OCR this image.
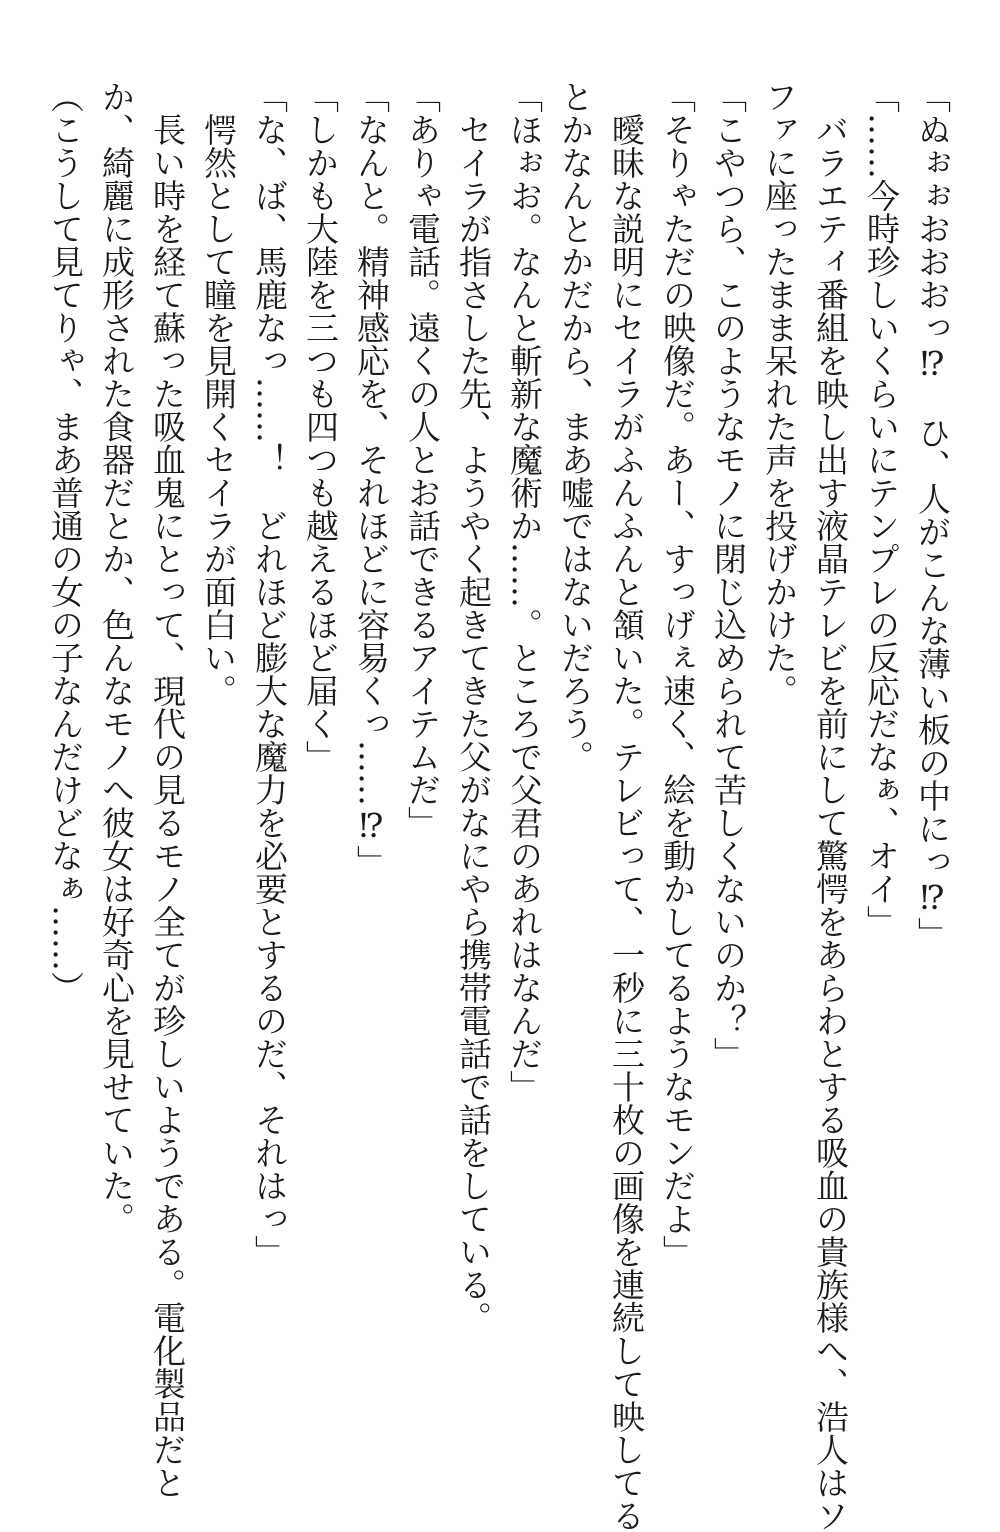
「ぬぉぉおおおっ⁉　ひ、人がこんな薄い板の中にっ⁉」

「……今時珍しいくらいにテンプレの反応だなぁ、オイ」

　バラエティ番組を映し出す液晶テレビを前にして驚愕をあらわとする吸血の貴族様へ、浩人はソ

ファに座ったまま呆れた声を投げかけた。

「こやつら、このようなモノに閉じ込められて苦しくないのか？」

「そりゃただの映像だ。あー、すっげぇ速く、絵を動かしてるようなモンだよ」

　曖昧な説明にセイラがふんふんと頷いた。テレビって、一秒に三十枚の画像を連続して映してる

とかなんとかだから、まあ嘘ではないだろう。

「ほぉお。なんと斬新な魔術か……。ところで父君のあれはなんだ」

　セイラが指さした先、ようやく起きてきた父がなにやら携帯電話で話をしている。

「ありゃ電話。遠くの人とお話できるアイテムだ」

「なんと。精神感応を、それほどに容易くっ……⁉」

「しかも大陸を三つも四つも越えるほど届く」

「な、ば、馬鹿なっ……！　どれほど膨大な魔力を必要とするのだ、それはっ」

　愕然として瞳を見開くセイラが面白い。

　長い時を経て蘇った吸血鬼にとって、現代の見るモノ全てが珍しいようである。電化製品だと

か、綺麗に成形された食器だとか、色んなモノへ彼女は好奇心を見せていた。

（こうして見てりゃ、まあ普通の女の子なんだけどなぁ……）
